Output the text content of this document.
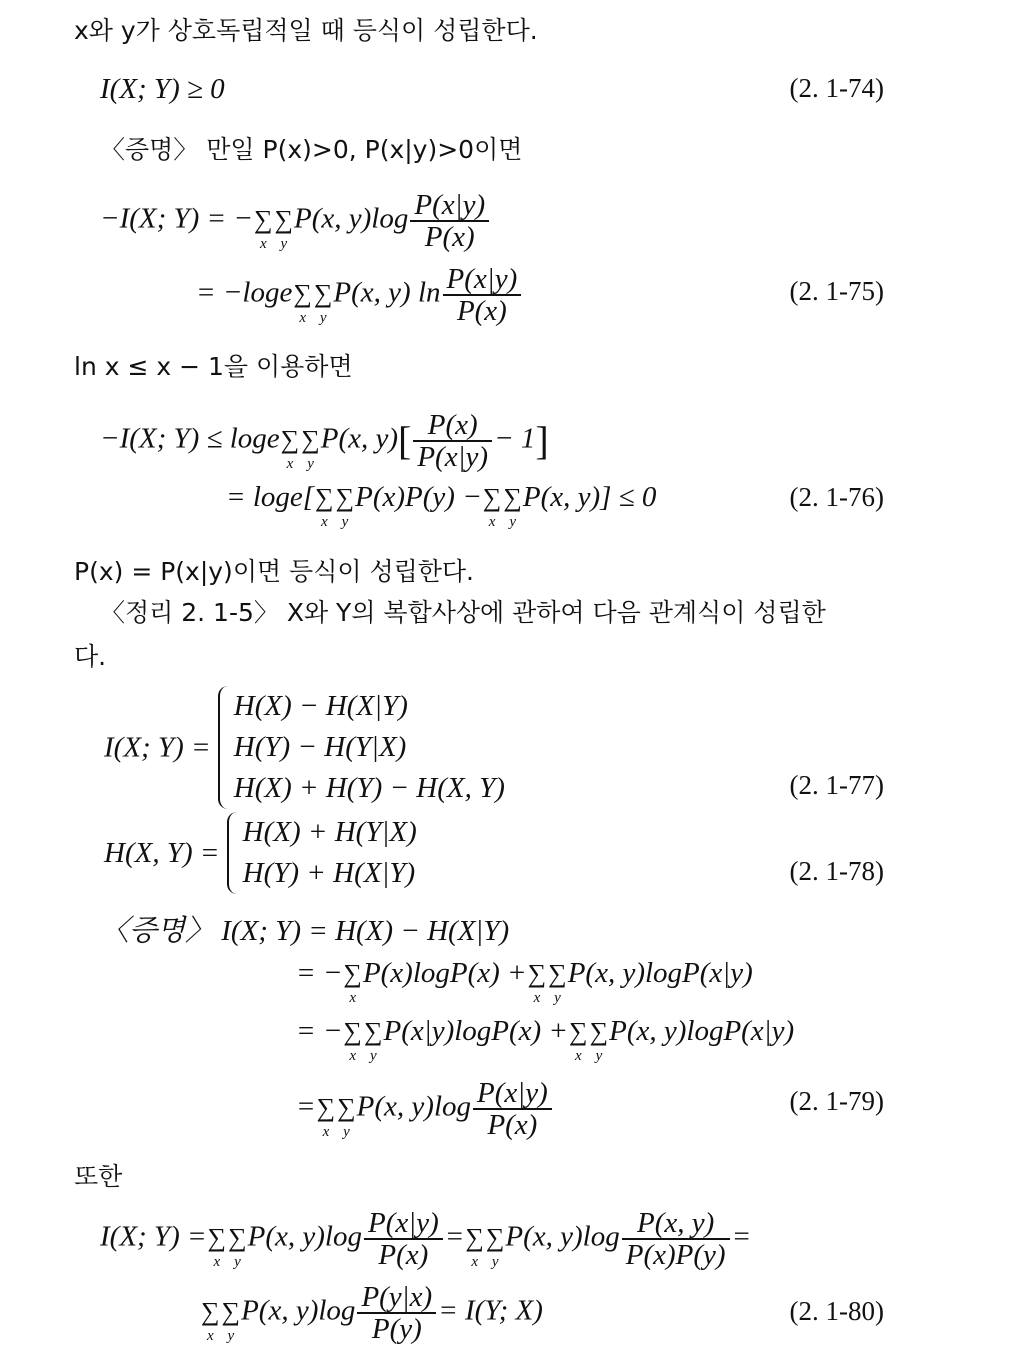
x와 y가 상호독립적일 때 등식이 성립한다.
I(X; Y) ≥ 0	(2. 1-74)
〈증명〉 만일 P(x)>0, P(x|y)>0이면
−I(X; Y) = −∑
x
∑
y
P(x, $y)\log \frac{P(x|y)}{P(x)}$
= −loge∑
x
∑
y
P(x, y) $\ln \frac{P(x|y)}{P(x)}$	(2. 1-75)
ln x ≤ x − 1을 이용하면
−I(X; Y) ≤ loge∑
x
∑
y
P(x, $y)[ \frac{P(x)}{P(x|y)} - 1]$
= loge[∑
x
∑
y
P(x)P(y) −∑
x
∑
y
P(x, y)] ≤ 0	(2. 1-76)
P(x) = P(x|y)이면 등식이 성립한다.
〈정리 2. 1-5〉 X와 Y의 복합사상에 관하여 다음 관계식이 성립한
다.
I(X; Y) =
H(X) − H(X|Y)
H(Y) − H(Y|X)
H(X) + H(Y) − H(X, Y)	(2. 1-77)
H(X, Y) =
H(X) + H(Y|X)
H(Y) + H(X|Y)	(2. 1-78)
〈증명〉 I(X; Y) = H(X) − H(X|Y)
= −∑
x
P(x)logP(x) +∑
x
∑
y
P(x, y)logP(x|y)
= −∑
x
∑
y
P(x|y)logP(x) +∑
x
∑
y
P(x, y)logP(x|y)
=∑
x
∑
y
P(x, $y)\log \frac{P(x|y)}{P(x)}$	(2. 1-79)
또한
I(X; Y) =∑
x
∑
y
P(x, $y)\log \frac{P(x|y)}{P(x)}$ =∑
x
∑
y
P(x, $y)\log \frac{P(x, y)}{P(x)P(y)}$ =
∑
x
∑
y
P(x, $y)\log \frac{P(y|x)}{P(y)} = I(Y$; X)	(2. 1-80)
